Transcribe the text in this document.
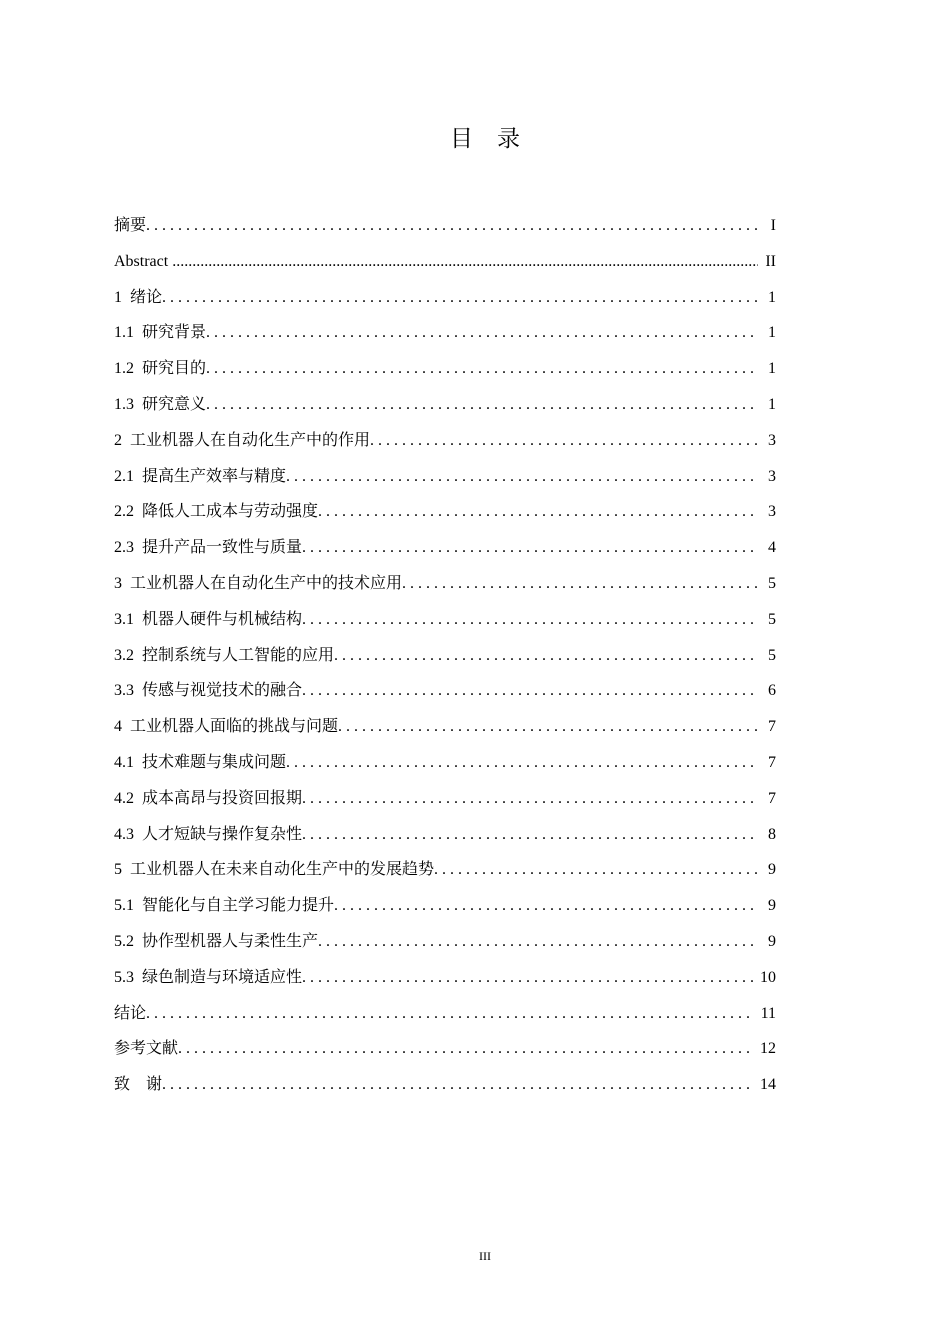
目 录
摘要 . . .	I
Abstract .....	II
1 绪论 . . .	1
1.1 研究背景 . . .	1
1.2 研究目的 . . .	1
1.3 研究意义 . . .	1
2 工业机器人在自动化生产中的作用 . . .	3
2.1 提高生产效率与精度 . . .	3
2.2 降低人工成本与劳动强度 . . .	3
2.3 提升产品一致性与质量 . . .	4
3 工业机器人在自动化生产中的技术应用 . . .	5
3.1 机器人硬件与机械结构 . . .	5
3.2 控制系统与人工智能的应用 . . .	5
3.3 传感与视觉技术的融合 . . .	6
4 工业机器人面临的挑战与问题 . . .	7
4.1 技术难题与集成问题 . . .	7
4.2 成本高昂与投资回报期 . . .	7
4.3 人才短缺与操作复杂性 . . .	8
5 工业机器人在未来自动化生产中的发展趋势 . . .	9
5.1 智能化与自主学习能力提升 . . .	9
5.2 协作型机器人与柔性生产 . . .	9
5.3 绿色制造与环境适应性 . . .	10
结论 . . .	11
参考文献 . . .	12
致　谢 . . .	14
III
